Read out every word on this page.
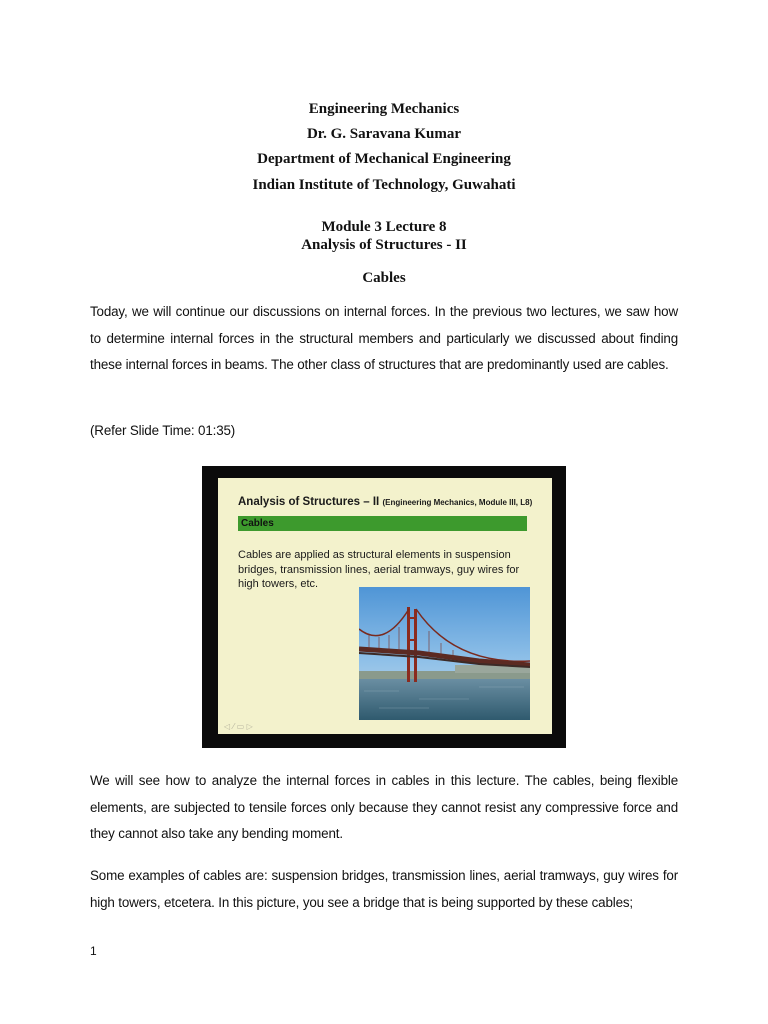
Engineering Mechanics
Dr. G. Saravana Kumar
Department of Mechanical Engineering
Indian Institute of Technology, Guwahati
Module 3 Lecture 8
Analysis of Structures - II
Cables
Today, we will continue our discussions on internal forces. In the previous two lectures, we saw how to determine internal forces in the structural members and particularly we discussed about finding these internal forces in beams. The other class of structures that are predominantly used are cables.
(Refer Slide Time: 01:35)
Analysis of Structures – II (Engineering Mechanics, Module III, L8)
Cables
Cables are applied as structural elements in suspension bridges, transmission lines, aerial tramways, guy wires for high towers, etc.
◁ ⁄ ▭ ▷
We will see how to analyze the internal forces in cables in this lecture. The cables, being flexible elements, are subjected to tensile forces only because they cannot resist any compressive force and they cannot also take any bending moment.
Some examples of cables are: suspension bridges, transmission lines, aerial tramways, guy wires for high towers, etcetera. In this picture, you see a bridge that is being supported by these cables;
1
